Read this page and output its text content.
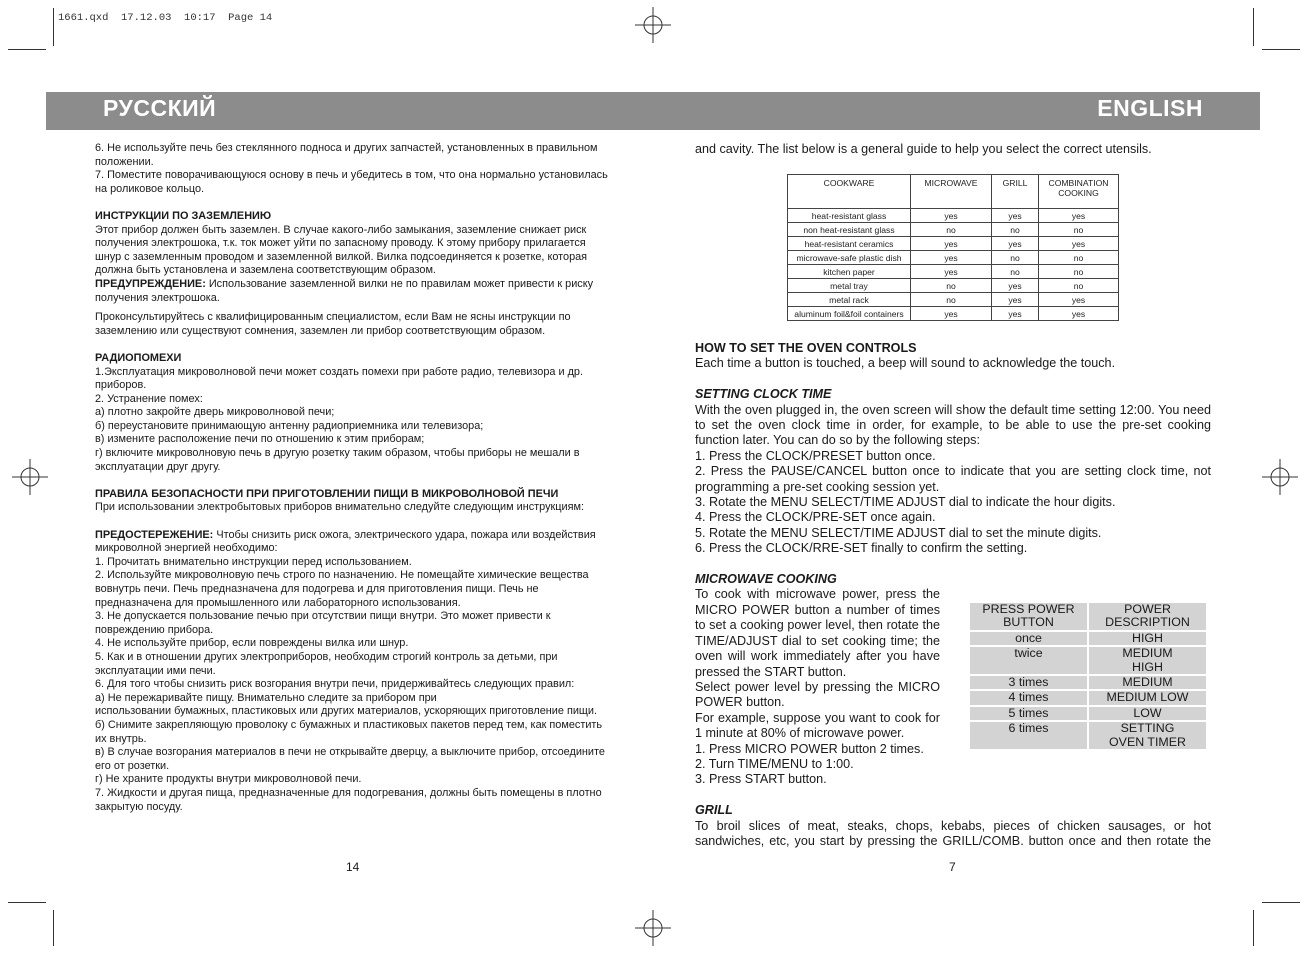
1661.qxd  17.12.03  10:17  Page 14
РУССКИЙ	ENGLISH

6. Не используйте печь без стеклянного подноса и других запчастей, установленных в правильном положении.

7. Поместите поворачивающуюся основу в печь и убедитесь в том, что она нормально установилась на роликовое кольцо.

ИНСТРУКЦИИ ПО ЗАЗЕМЛЕНИЮ

Этот прибор должен быть заземлен. В случае какого-либо замыкания, заземление снижает риск получения электрошока, т.к. ток может уйти по запасному проводу. К этому прибору прилагается шнур с заземленным проводом и заземленной вилкой. Вилка подсоединяется к розетке, которая должна быть установлена и заземлена соответствующим образом.

ПРЕДУПРЕЖДЕНИЕ: Использование заземленной вилки не по правилам может привести к риску получения электрошока.

Проконсультируйтесь с квалифицированным специалистом, если Вам не ясны инструкции по заземлению или существуют сомнения, заземлен ли прибор соответствующим образом.

РАДИОПОМЕХИ

1.Эксплуатация микроволновой печи может создать помехи при работе радио, телевизора и др. приборов.

2. Устранение помех:

а) плотно закройте дверь микроволновой печи;

б) переустановите принимающую антенну радиоприемника или телевизора;

в) измените расположение печи по отношению к этим приборам;

г) включите микроволновую печь в другую розетку таким образом, чтобы приборы не мешали в эксплуатации друг другу.

ПРАВИЛА БЕЗОПАСНОСТИ ПРИ ПРИГОТОВЛЕНИИ ПИЩИ В МИКРОВОЛНОВОЙ ПЕЧИ

При использовании электробытовых приборов внимательно следуйте следующим инструкциям:

ПРЕДОСТЕРЕЖЕНИЕ: Чтобы снизить риск ожога, электрического удара, пожара или воздействия микроволной энергией необходимо:

1. Прочитать внимательно инструкции перед использованием.

2. Используйте микроволновую печь строго по назначению. Не помещайте химические вещества вовнутрь печи. Печь предназначена для подогрева и для приготовления пищи. Печь не предназначена для промышленного или лабораторного использования.

3. Не допускается пользование печью при отсутствии пищи внутри. Это может привести к повреждению прибора.

4. Не используйте прибор, если повреждены вилка или шнур.

5. Как и в отношении других электроприборов, необходим строгий контроль за детьми, при эксплуатации ими печи.

6. Для того чтобы снизить риск возгорания внутри печи, придерживайтесь следующих правил:

а) Не пережаривайте пищу. Внимательно следите за прибором при

использовании бумажных, пластиковых или других материалов, ускоряющих приготовление пищи.

б) Снимите закрепляющую проволоку с бумажных и пластиковых пакетов перед тем, как поместить их внутрь.

в) В случае возгорания материалов в печи не открывайте дверцу, а выключите прибор, отсоедините его от розетки.

г) Не храните продукты внутри микроволновой печи.

7. Жидкости и другая пища, предназначенные для подогревания, должны быть помещены в плотно закрытую посуду.

14
and cavity. The list below is a general guide to help you select the correct utensils.
COOKWARE	MICROWAVE	GRILL	COMBINATION COOKING
heat-resistant glass	yes	yes	yes
non heat-resistant glass	no	no	no
heat-resistant ceramics	yes	yes	yes
microwave-safe plastic dish	yes	no	no
kitchen paper	yes	no	no
metal tray	no	yes	no
metal rack	no	yes	yes
aluminum foil&foil containers	yes	yes	yes

HOW TO SET THE OVEN CONTROLS

Each time a button is touched, a beep will sound to acknowledge the touch.

SETTING CLOCK TIME

With the oven plugged in, the oven screen will show the default time setting 12:00. You need to set the oven clock time in order, for example, to be able to use the pre-set cooking function later. You can do so by the following steps:

1. Press the CLOCK/PRESET button once.

2. Press the PAUSE/CANCEL button once to indicate that you are setting clock time, not programming a pre-set cooking session yet.

3. Rotate the MENU SELECT/TIME ADJUST dial to indicate the hour digits.

4. Press the CLOCK/PRE-SET once again.

5. Rotate the MENU SELECT/TIME ADJUST dial to set the minute digits.

6. Press the CLOCK/RRE-SET finally to confirm the setting.

MICROWAVE COOKING

To cook with microwave power, press the MICRO POWER button a number of times to set a cooking power level, then rotate the TIME/ADJUST dial to set cooking time; the oven will work immediately after you have pressed the START button.

Select power level by pressing the MICRO POWER button.

For example, suppose you want to cook for 1 minute at 80% of microwave power.

1. Press MICRO POWER button 2 times.

2. Turn TIME/MENU to 1:00.

3. Press START button.

GRILL

To broil slices of meat, steaks, chops, kebabs, pieces of chicken sausages, or hot sandwiches, etc, you start by pressing the GRILL/COMB. button once and then rotate the

PRESS POWER BUTTON	POWER DESCRIPTION
once	HIGH
twice	MEDIUM HIGH
3 times	MEDIUM
4 times	MEDIUM LOW
5 times	LOW
6 times	SETTING OVEN TIMER
7
